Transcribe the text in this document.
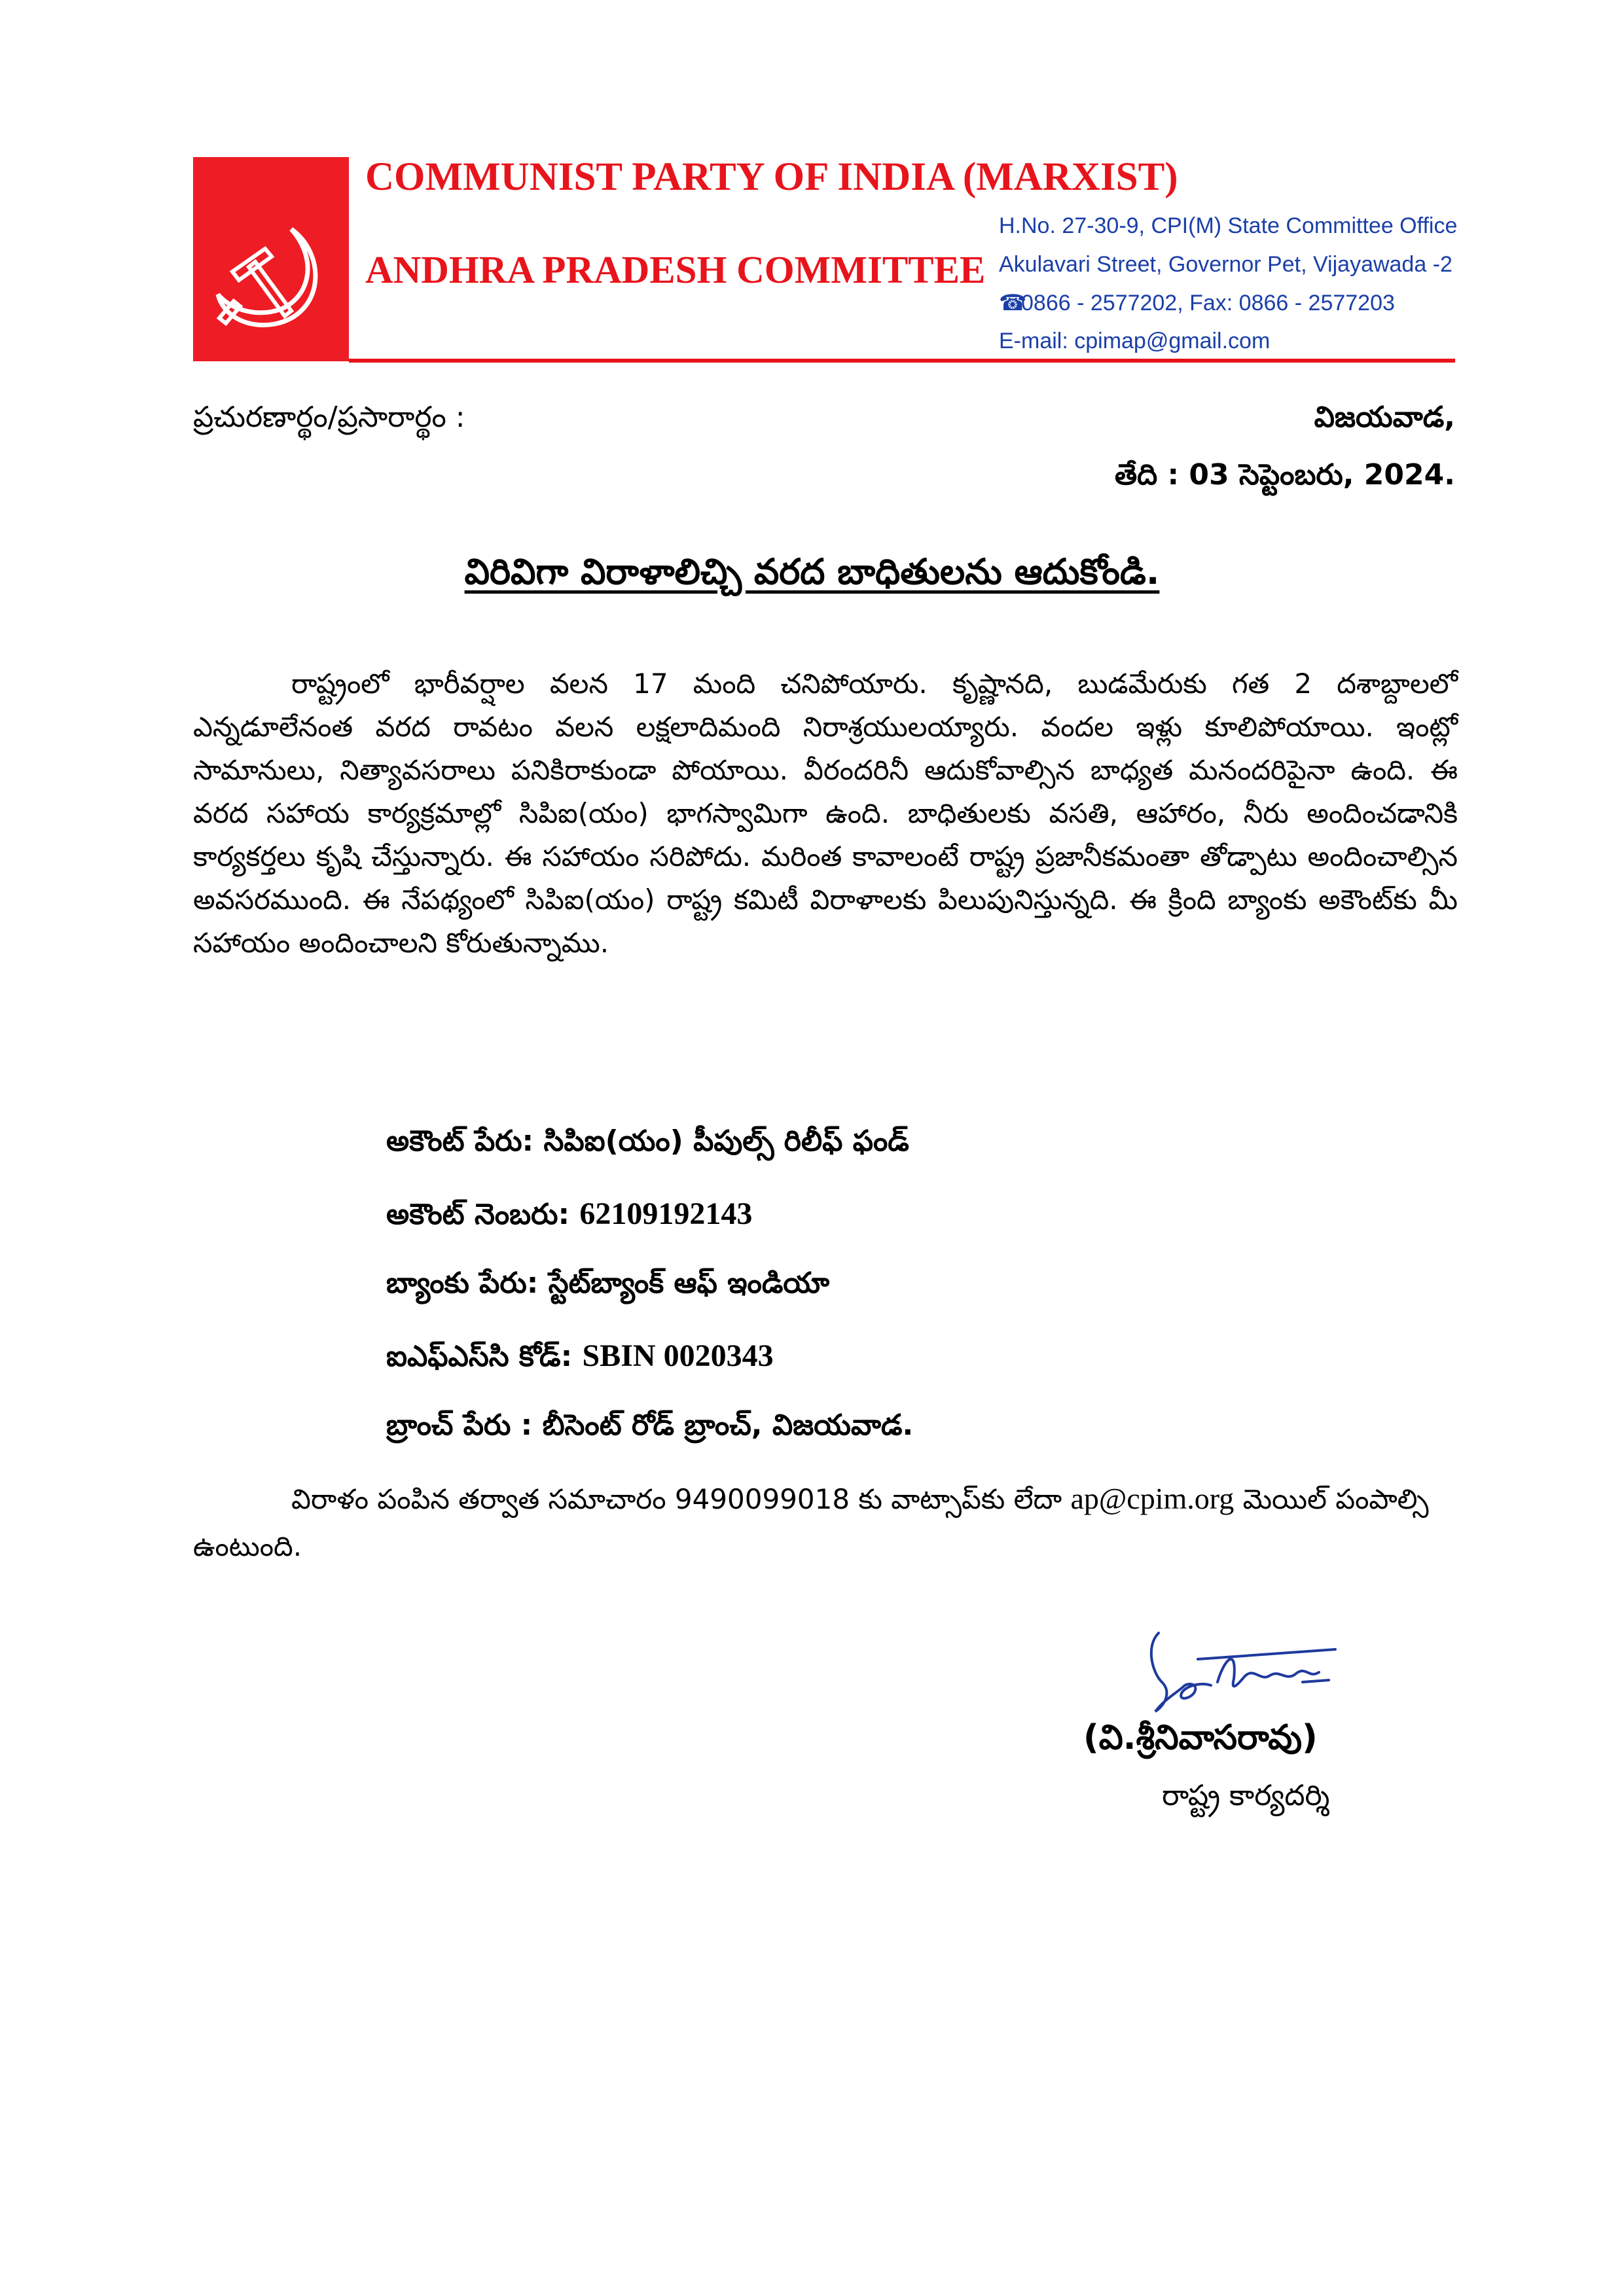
COMMUNIST PARTY OF INDIA (MARXIST)
ANDHRA PRADESH COMMITTEE
H.No. 27-30-9, CPI(M) State Committee Office
Akulavari Street, Governor Pet, Vijayawada -2
☎0866 - 2577202, Fax: 0866 - 2577203
E-mail: cpimap@gmail.com
ప్రచురణార్థం/ప్రసారార్థం :	విజయవాడ,
తేది : 03 సెప్టెంబరు, 2024.
విరివిగా విరాళాలిచ్చి వరద బాధితులను ఆదుకోండి.

రాష్ట్రంలో భారీవర్షాల వలన 17 మంది చనిపోయారు. కృష్ణానది, బుడమేరుకు గత 2 దశాబ్దాలలో ఎన్నడూలేనంత వరద రావటం వలన లక్షలాదిమంది నిరాశ్రయులయ్యారు. వందల ఇళ్లు కూలిపోయాయి. ఇంట్లో సామానులు, నిత్యావసరాలు పనికిరాకుండా పోయాయి. వీరందరినీ ఆదుకోవాల్సిన బాధ్యత మనందరిపైనా ఉంది. ఈ వరద సహాయ కార్యక్రమాల్లో సిపిఐ(యం) భాగస్వామిగా ఉంది. బాధితులకు వసతి, ఆహారం, నీరు అందించడానికి కార్యకర్తలు కృషి చేస్తున్నారు. ఈ సహాయం సరిపోదు. మరింత కావాలంటే రాష్ట్ర ప్రజానీకమంతా తోడ్పాటు అందించాల్సిన అవసరముంది. ఈ నేపథ్యంలో సిపిఐ(యం) రాష్ట్ర కమిటీ విరాళాలకు పిలుపునిస్తున్నది. ఈ క్రింది బ్యాంకు అకౌంట్‌కు మీ సహాయం అందించాలని కోరుతున్నాము.

అకౌంట్ పేరు: సిపిఐ(యం) పీపుల్స్ రిలీఫ్ ఫండ్
అకౌంట్ నెంబరు: 62109192143
బ్యాంకు పేరు: స్టేట్‌బ్యాంక్ ఆఫ్ ఇండియా
ఐఎఫ్ఎస్‌సి కోడ్: SBIN 0020343
బ్రాంచ్ పేరు : బీసెంట్ రోడ్ బ్రాంచ్, విజయవాడ.

విరాళం పంపిన తర్వాత సమాచారం 9490099018 కు వాట్సాప్‌కు లేదా ap@cpim.org మెయిల్ పంపాల్సి ఉంటుంది.

(వి.శ్రీనివాసరావు)
రాష్ట్ర కార్యదర్శి
